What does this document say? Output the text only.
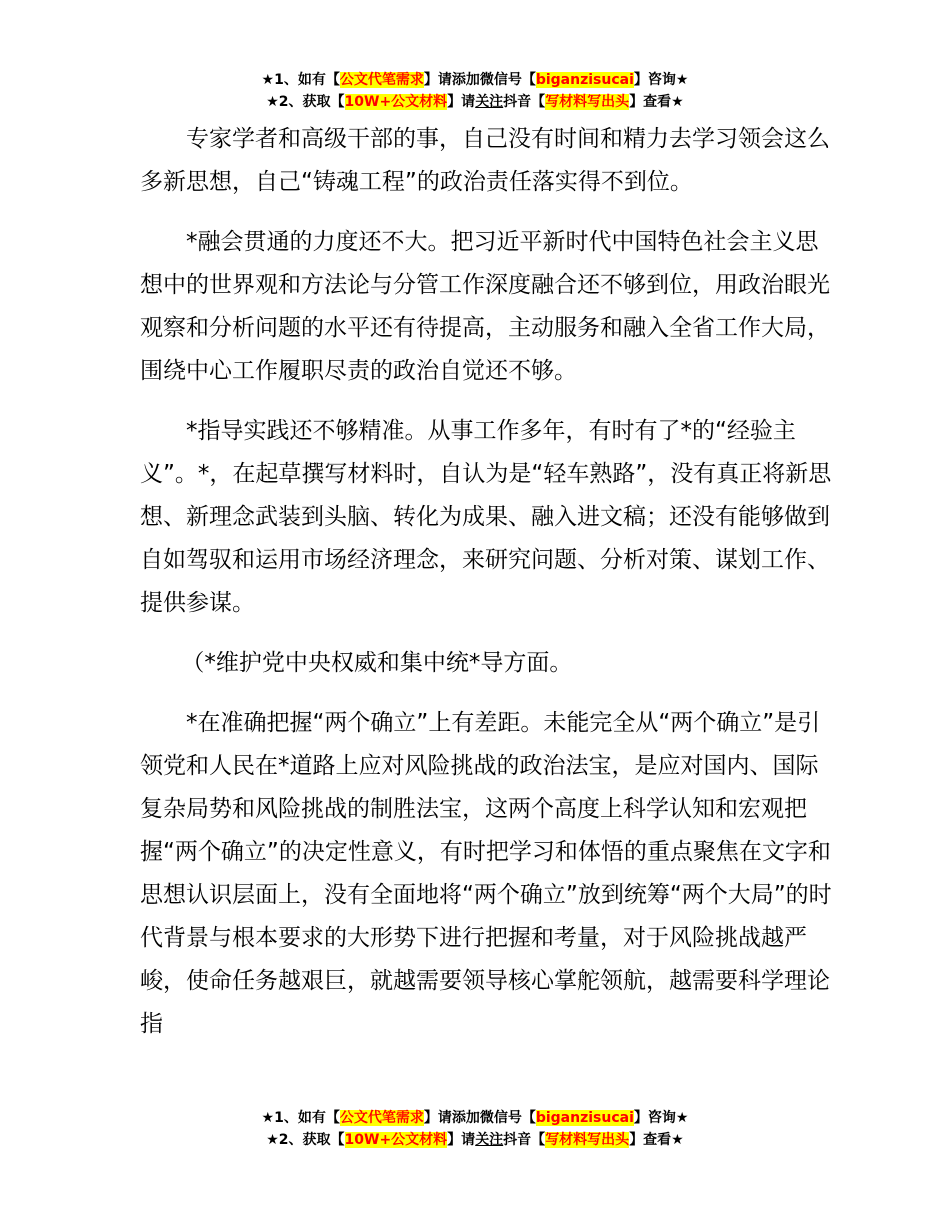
★1、如有【公文代笔需求】请添加微信号【biganzisucai】咨询★
★2、获取【10W+公文材料】请关注抖音【写材料写出头】查看★

专家学者和高级干部的事，自己没有时间和精力去学习领会这么多新思想，自己“铸魂工程”的政治责任落实得不到位。

*融会贯通的力度还不大。把习近平新时代中国特色社会主义思想中的世界观和方法论与分管工作深度融合还不够到位，用政治眼光观察和分析问题的水平还有待提高，主动服务和融入全省工作大局，围绕中心工作履职尽责的政治自觉还不够。

*指导实践还不够精准。从事工作多年，有时有了*的“经验主义”。*，在起草撰写材料时，自认为是“轻车熟路”，没有真正将新思想、新理念武装到头脑、转化为成果、融入进文稿；还没有能够做到自如驾驭和运用市场经济理念，来研究问题、分析对策、谋划工作、提供参谋。

（*维护党中央权威和集中统*导方面。

*在准确把握“两个确立”上有差距。未能完全从“两个确立”是引领党和人民在*道路上应对风险挑战的政治法宝，是应对国内、国际复杂局势和风险挑战的制胜法宝，这两个高度上科学认知和宏观把握“两个确立”的决定性意义，有时把学习和体悟的重点聚焦在文字和思想认识层面上，没有全面地将“两个确立”放到统筹“两个大局”的时代背景与根本要求的大形势下进行把握和考量，对于风险挑战越严峻，使命任务越艰巨，就越需要领导核心掌舵领航，越需要科学理论指

★1、如有【公文代笔需求】请添加微信号【biganzisucai】咨询★
★2、获取【10W+公文材料】请关注抖音【写材料写出头】查看★
